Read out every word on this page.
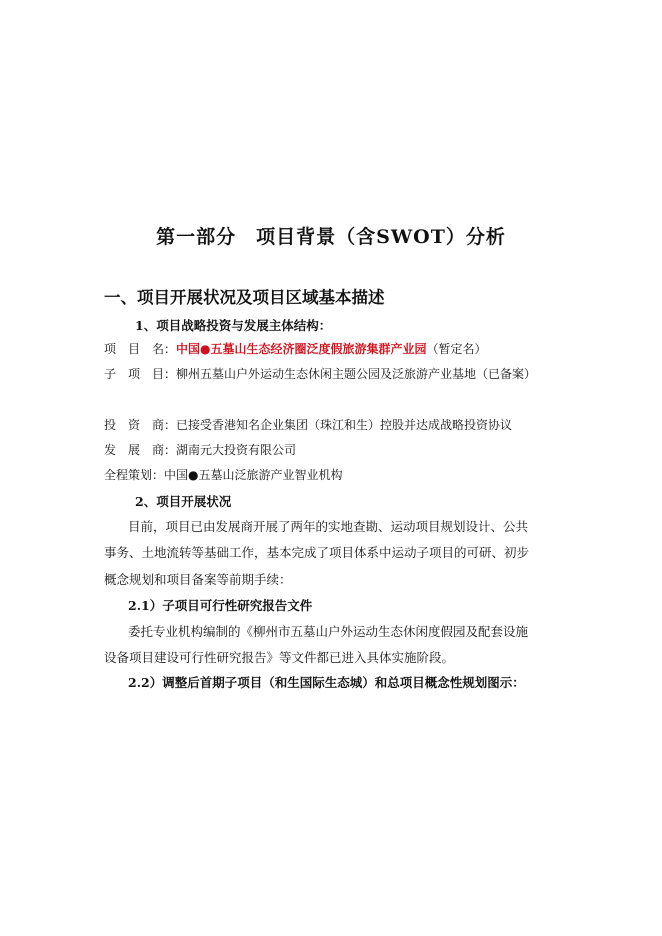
第一部分　项目背景（含SWOT）分析
一、项目开展状况及项目区域基本描述
1、项目战略投资与发展主体结构：
项　目　名：中国●五墓山生态经济圈泛度假旅游集群产业园（暂定名）
子　项　目：柳州五墓山户外运动生态休闲主题公园及泛旅游产业基地（已备案）
投　资　商：已接受香港知名企业集团（珠江和生）控股并达成战略投资协议
发　展　商：湖南元大投资有限公司
全程策划：中国●五墓山泛旅游产业智业机构
2、项目开展状况
目前，项目已由发展商开展了两年的实地查勘、运动项目规划设计、公共
事务、土地流转等基础工作，基本完成了项目体系中运动子项目的可研、初步
概念规划和项目备案等前期手续：
2.1）子项目可行性研究报告文件
委托专业机构编制的《柳州市五墓山户外运动生态休闲度假园及配套设施
设备项目建设可行性研究报告》等文件都已进入具体实施阶段。
2.2）调整后首期子项目（和生国际生态城）和总项目概念性规划图示：
